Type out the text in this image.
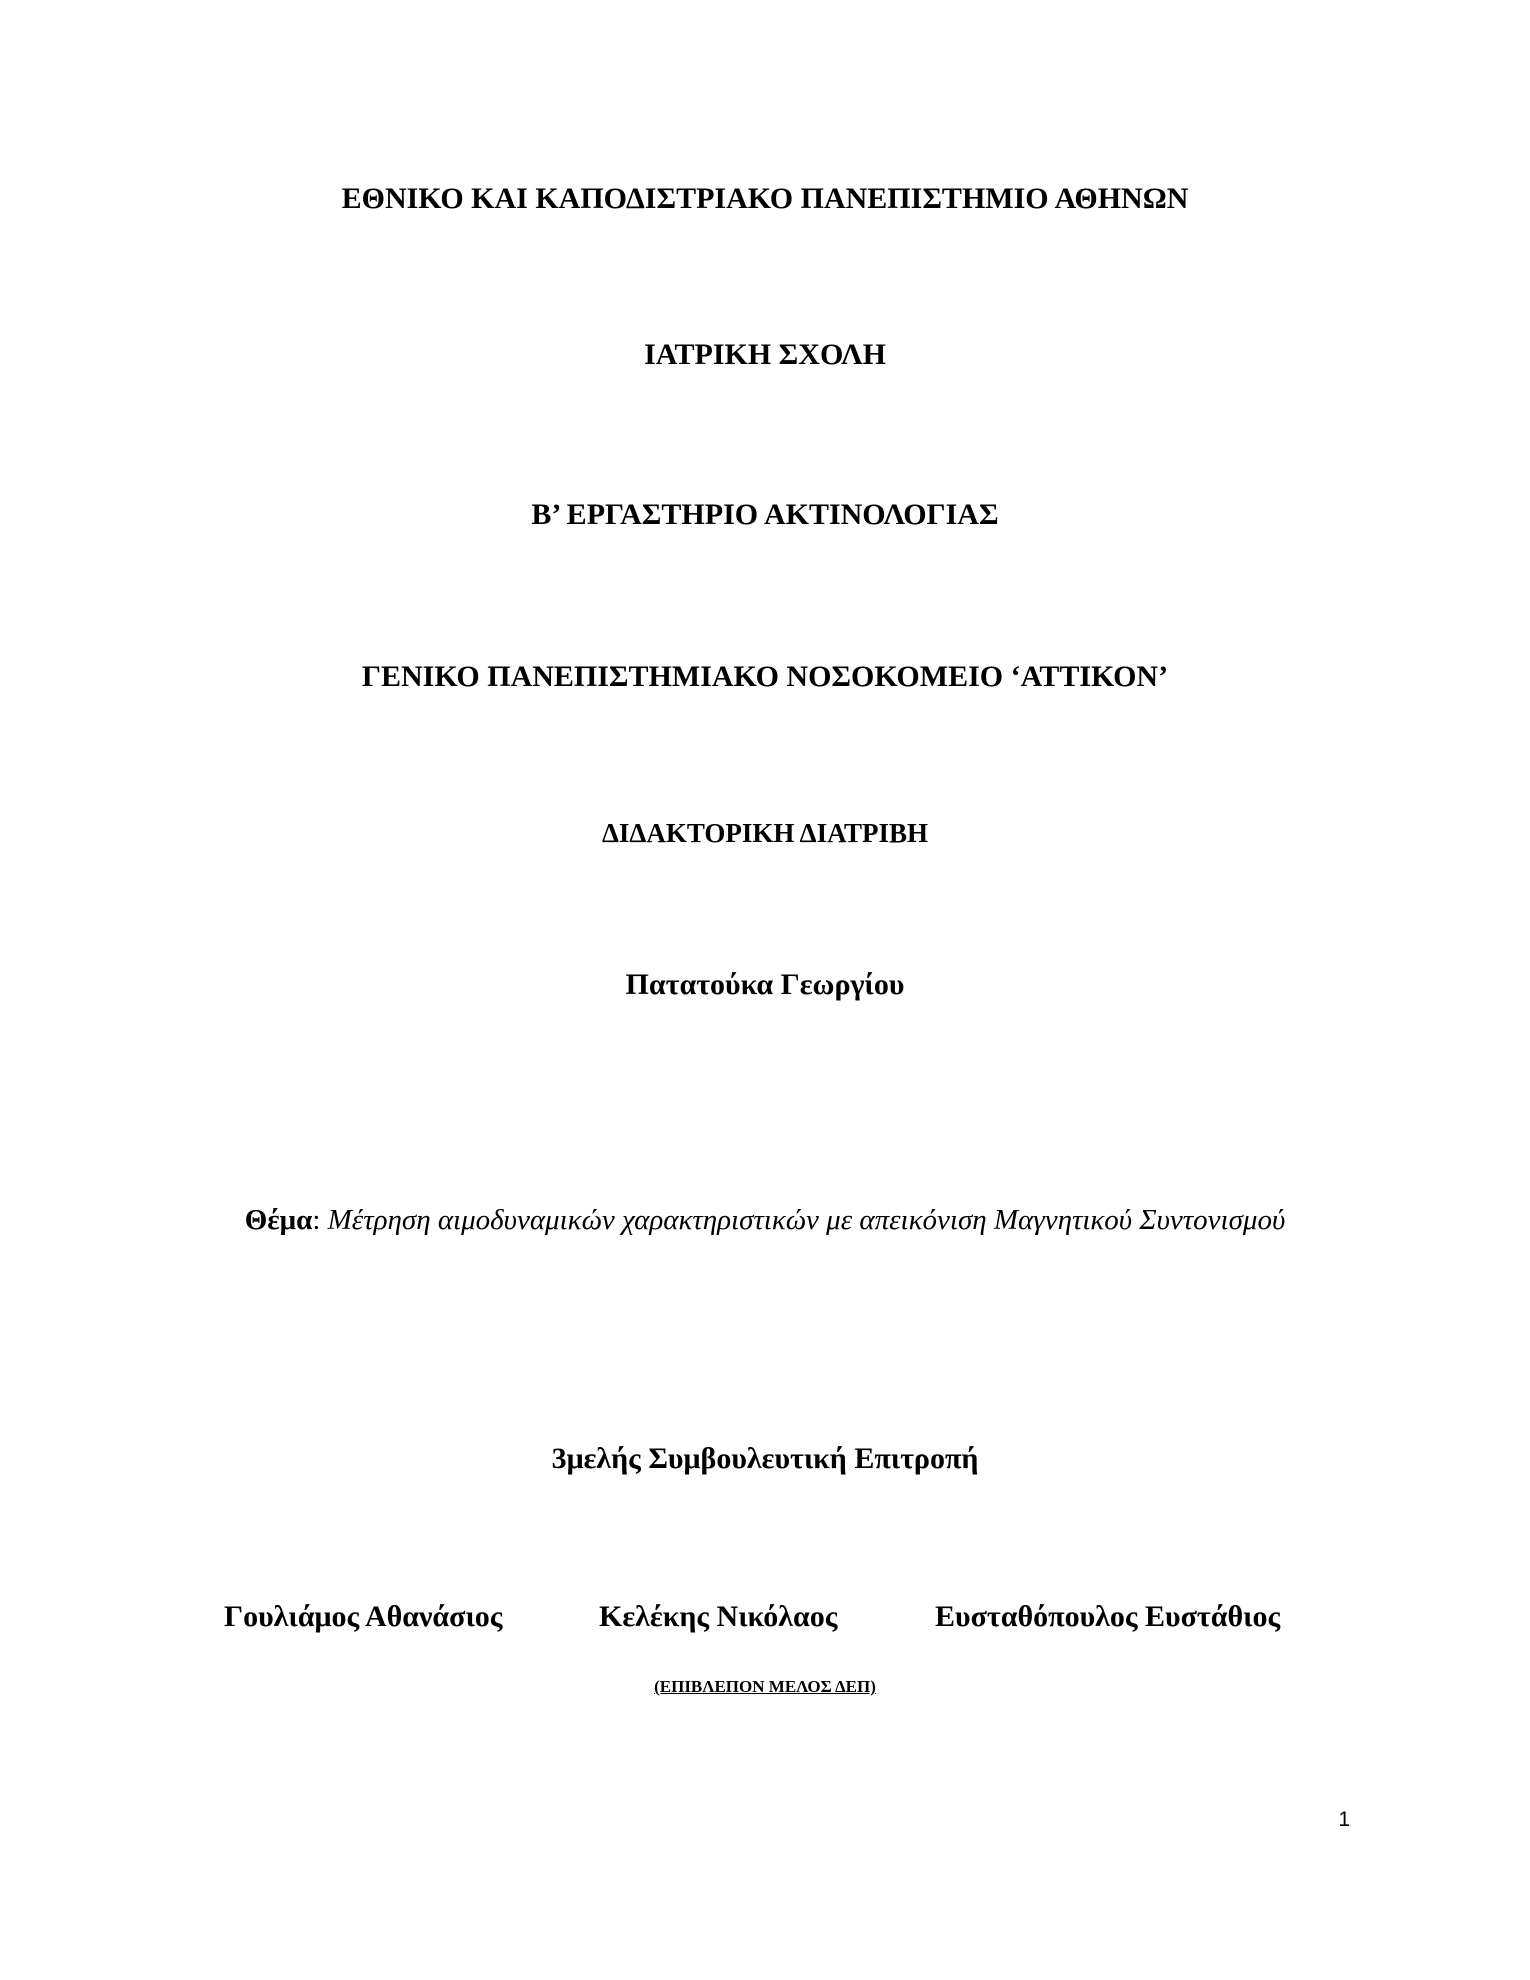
ΕΘΝΙΚΟ ΚΑΙ ΚΑΠΟΔΙΣΤΡΙΑΚΟ ΠΑΝΕΠΙΣΤΗΜΙΟ ΑΘΗΝΩΝ
ΙΑΤΡΙΚΗ ΣΧΟΛΗ
Β’ ΕΡΓΑΣΤΗΡΙΟ ΑΚΤΙΝΟΛΟΓΙΑΣ
ΓΕΝΙΚΟ ΠΑΝΕΠΙΣΤΗΜΙΑΚΟ ΝΟΣΟΚΟΜΕΙΟ ‘ΑΤΤΙΚΟΝ’
ΔΙΔΑΚΤΟΡΙΚΗ ΔΙΑΤΡΙΒΗ
Πατατούκα Γεωργίου
Θέμα: Μέτρηση αιμοδυναμικών χαρακτηριστικών με απεικόνιση Μαγνητικού Συντονισμού
3μελής Συμβουλευτική Επιτροπή
Γουλιάμος Αθανάσιος	Κελέκης Νικόλαος	Ευσταθόπουλος Ευστάθιος
(ΕΠΙΒΛΕΠΟΝ ΜΕΛΟΣ ΔΕΠ)
1
